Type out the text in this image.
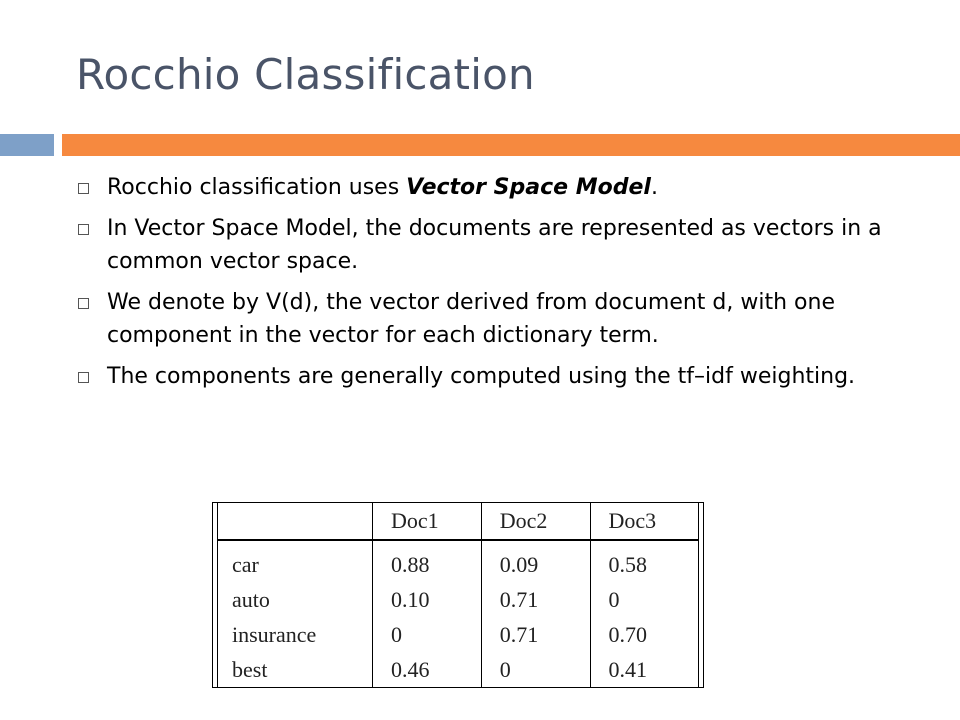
Rocchio Classification
Rocchio classification uses Vector Space Model.
In Vector Space Model, the documents are represented as vectors in a common vector space.
We denote by V(d), the vector derived from document d, with one component in the vector for each dictionary term.
The components are generally computed using the tf–idf weighting.
	Doc1	Doc2	Doc3
car	0.88	0.09	0.58
auto	0.10	0.71	0
insurance	0	0.71	0.70
best	0.46	0	0.41
